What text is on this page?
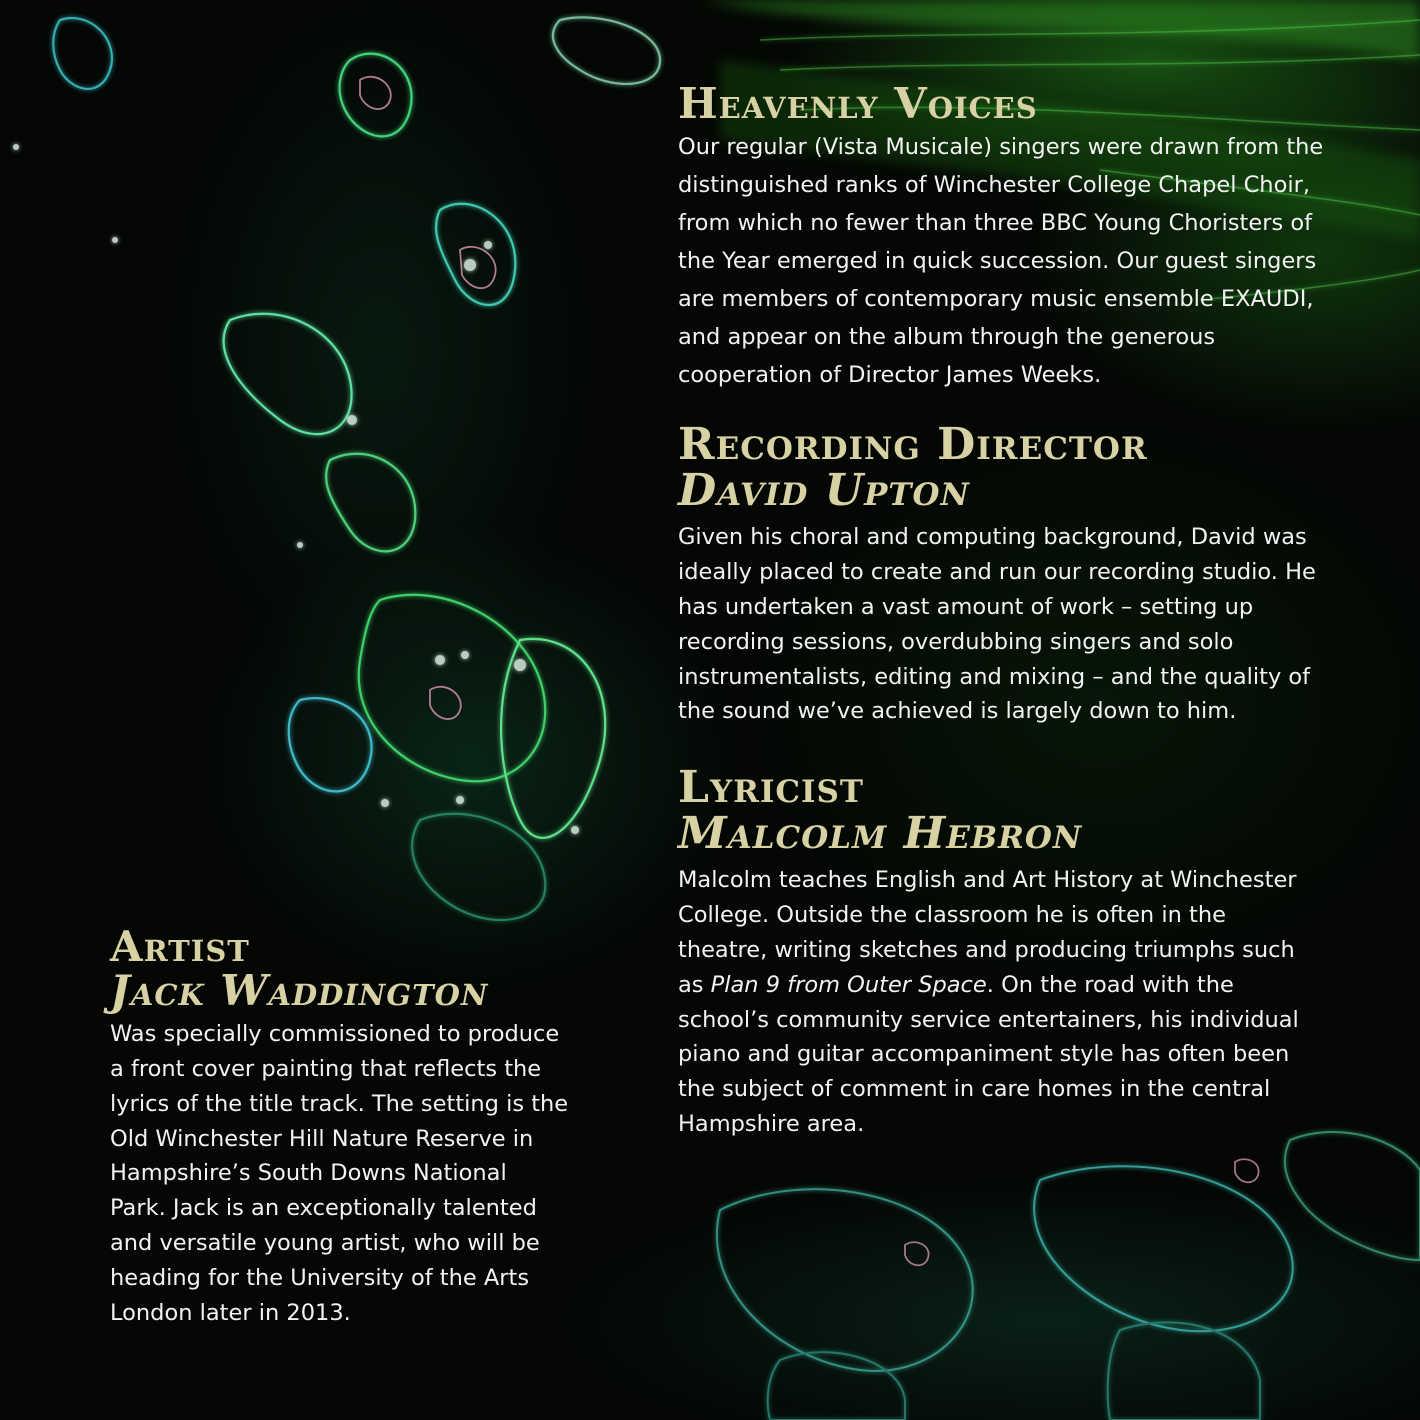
Heavenly Voices

Our regular (Vista Musicale) singers were drawn from the
distinguished ranks of Winchester College Chapel Choir,
from which no fewer than three BBC Young Choristers of
the Year emerged in quick succession. Our guest singers
are members of contemporary music ensemble EXAUDI,
and appear on the album through the generous
cooperation of Director James Weeks.

Recording Director
David Upton

Given his choral and computing background, David was
ideally placed to create and run our recording studio. He
has undertaken a vast amount of work – setting up
recording sessions, overdubbing singers and solo
instrumentalists, editing and mixing – and the quality of
the sound we’ve achieved is largely down to him.

Lyricist
Malcolm Hebron

Malcolm teaches English and Art History at Winchester
College. Outside the classroom he is often in the
theatre, writing sketches and producing triumphs such
as Plan 9 from Outer Space. On the road with the
school’s community service entertainers, his individual
piano and guitar accompaniment style has often been
the subject of comment in care homes in the central
Hampshire area.

Artist
Jack Waddington

Was specially commissioned to produce
a front cover painting that reflects the
lyrics of the title track. The setting is the
Old Winchester Hill Nature Reserve in
Hampshire’s South Downs National
Park. Jack is an exceptionally talented
and versatile young artist, who will be
heading for the University of the Arts
London later in 2013.
